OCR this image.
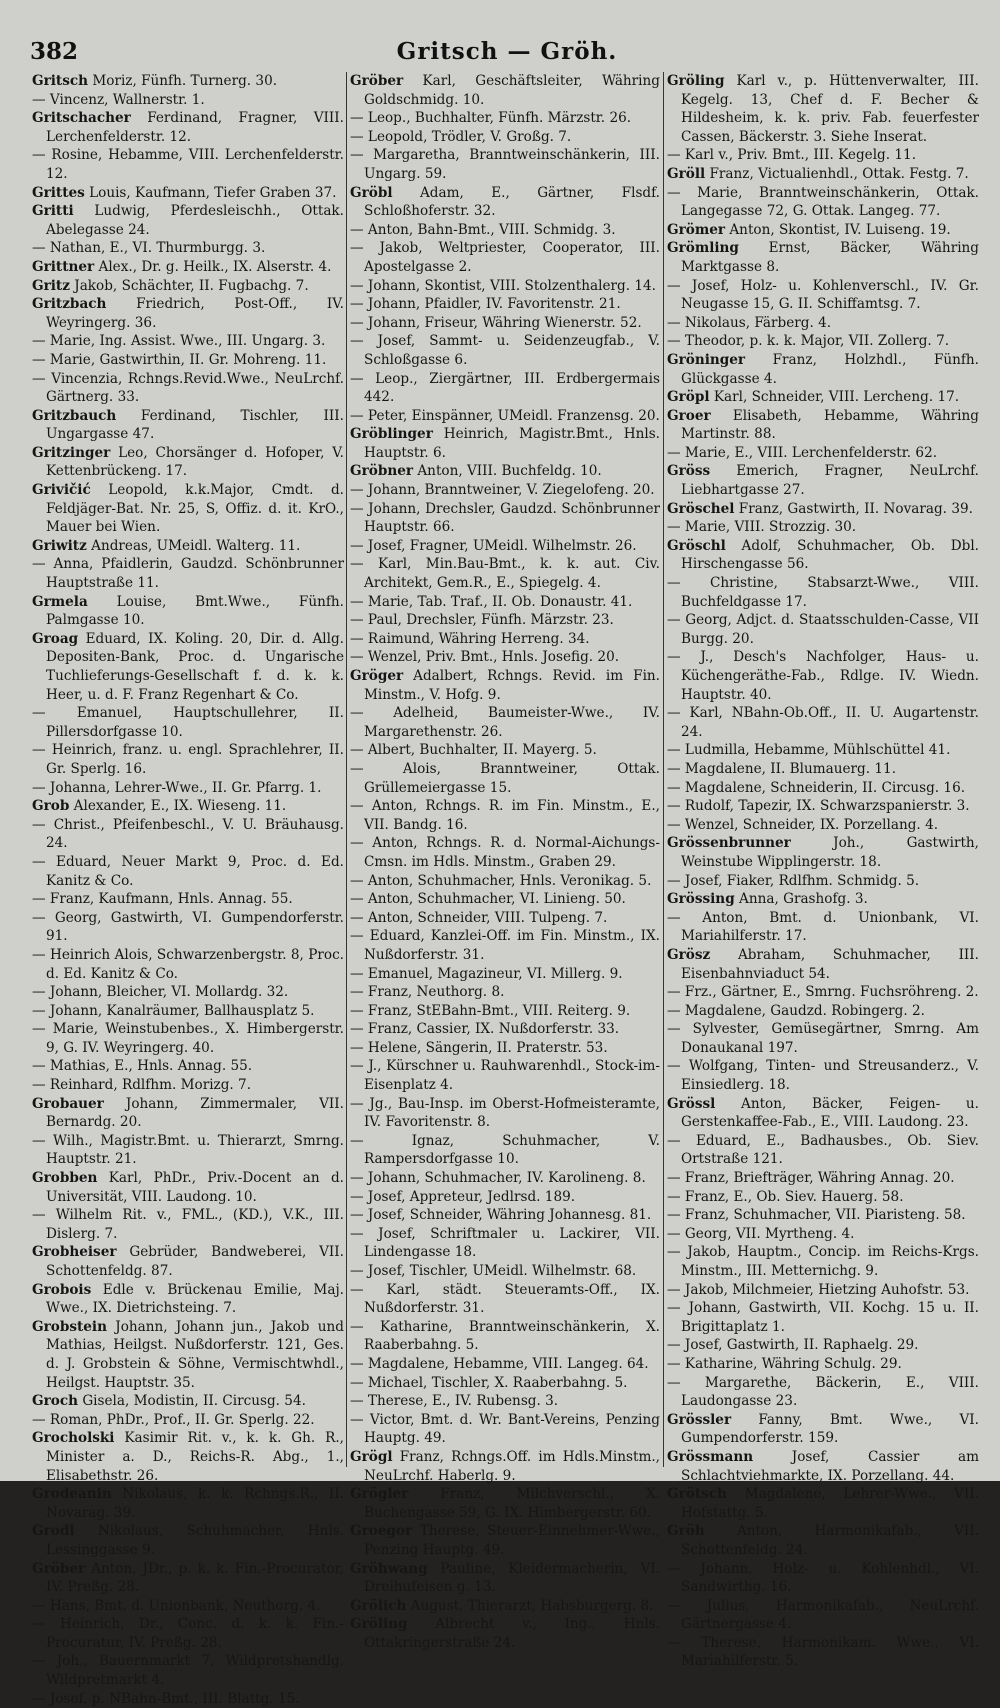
382	Gritsch — Gröh.
Gritsch Moriz, Fünfh. Turnerg. 30.
— Vincenz, Wallnerstr. 1.
Gritschacher Ferdinand, Fragner, VIII. Lerchenfelderstr. 12.
— Rosine, Hebamme, VIII. Lerchenfelderstr. 12.
Grittes Louis, Kaufmann, Tiefer Graben 37.
Gritti Ludwig, Pferdesleischh., Ottak. Abelegasse 24.
— Nathan, E., VI. Thurmburgg. 3.
Grittner Alex., Dr. g. Heilk., IX. Alserstr. 4.
Gritz Jakob, Schächter, II. Fugbachg. 7.
Gritzbach Friedrich, Post-Off., IV. Weyringerg. 36.
— Marie, Ing. Assist. Wwe., III. Ungarg. 3.
— Marie, Gastwirthin, II. Gr. Mohreng. 11.
— Vincenzia, Rchngs.Revid.Wwe., NeuLrchf. Gärtnerg. 33.
Gritzbauch Ferdinand, Tischler, III. Ungargasse 47.
Gritzinger Leo, Chorsänger d. Hofoper, V. Kettenbrückeng. 17.
Grivičić Leopold, k.k.Major, Cmdt. d. Feldjäger-Bat. Nr. 25, S, Offiz. d. it. KrO., Mauer bei Wien.
Griwitz Andreas, UMeidl. Walterg. 11.
— Anna, Pfaidlerin, Gaudzd. Schönbrunner Hauptstraße 11.
Grmela Louise, Bmt.Wwe., Fünfh. Palmgasse 10.
Groag Eduard, IX. Koling. 20, Dir. d. Allg. Depositen-Bank, Proc. d. Ungarische Tuchlieferungs-Gesellschaft f. d. k. k. Heer, u. d. F. Franz Regenhart & Co.
— Emanuel, Hauptschullehrer, II. Pillersdorfgasse 10.
— Heinrich, franz. u. engl. Sprachlehrer, II. Gr. Sperlg. 16.
— Johanna, Lehrer-Wwe., II. Gr. Pfarrg. 1.
Grob Alexander, E., IX. Wieseng. 11.
— Christ., Pfeifenbeschl., V. U. Bräuhausg. 24.
— Eduard, Neuer Markt 9, Proc. d. Ed. Kanitz & Co.
— Franz, Kaufmann, Hnls. Annag. 55.
— Georg, Gastwirth, VI. Gumpendorferstr. 91.
— Heinrich Alois, Schwarzenbergstr. 8, Proc. d. Ed. Kanitz & Co.
— Johann, Bleicher, VI. Mollardg. 32.
— Johann, Kanalräumer, Ballhausplatz 5.
— Marie, Weinstubenbes., X. Himbergerstr. 9, G. IV. Weyringerg. 40.
— Mathias, E., Hnls. Annag. 55.
— Reinhard, Rdlfhm. Morizg. 7.
Grobauer Johann, Zimmermaler, VII. Bernardg. 20.
— Wilh., Magistr.Bmt. u. Thierarzt, Smrng. Hauptstr. 21.
Grobben Karl, PhDr., Priv.-Docent an d. Universität, VIII. Laudong. 10.
— Wilhelm Rit. v., FML., (KD.), V.K., III. Dislerg. 7.
Grobheiser Gebrüder, Bandweberei, VII. Schottenfeldg. 87.
Grobois Edle v. Brückenau Emilie, Maj. Wwe., IX. Dietrichsteing. 7.
Grobstein Johann, Johann jun., Jakob und Mathias, Heilgst. Nußdorferstr. 121, Ges. d. J. Grobstein & Söhne, Vermischtwhdl., Heilgst. Hauptstr. 35.
Groch Gisela, Modistin, II. Circusg. 54.
— Roman, PhDr., Prof., II. Gr. Sperlg. 22.
Grocholski Kasimir Rit. v., k. k. Gh. R., Minister a. D., Reichs-R. Abg., 1., Elisabethstr. 26.
Grodeanin Nikolaus, k. k. Rchngs.R., II. Novarag. 39.
Grodl Nikolaus, Schuhmacher, Hnls. Lessinggasse 9.
Gröber Anton, JDr., p. k. k. Fin.-Procurator, IV. Preßg. 28.
— Hans, Bmt. d. Unionbank, Neuthorg. 4.
— Heinrich, Dr., Conc. d. k. k. Fin.-Procuratur, IV. Preßg. 28.
— Joh., Bauernmarkt 7, Wildpretshandlg. Wildpretmarkt 4.
— Josef, p. NBahn-Bmt., III. Blattg. 15.
Gröber Karl, Geschäftsleiter, Währing Goldschmidg. 10.
— Leop., Buchhalter, Fünfh. Märzstr. 26.
— Leopold, Trödler, V. Großg. 7.
— Margaretha, Branntweinschänkerin, III. Ungarg. 59.
Gröbl Adam, E., Gärtner, Flsdf. Schloßhoferstr. 32.
— Anton, Bahn-Bmt., VIII. Schmidg. 3.
— Jakob, Weltpriester, Cooperator, III. Apostelgasse 2.
— Johann, Skontist, VIII. Stolzenthalerg. 14.
— Johann, Pfaidler, IV. Favoritenstr. 21.
— Johann, Friseur, Währing Wienerstr. 52.
— Josef, Sammt- u. Seidenzeugfab., V. Schloßgasse 6.
— Leop., Ziergärtner, III. Erdbergermais 442.
— Peter, Einspänner, UMeidl. Franzensg. 20.
Gröblinger Heinrich, Magistr.Bmt., Hnls. Hauptstr. 6.
Gröbner Anton, VIII. Buchfeldg. 10.
— Johann, Branntweiner, V. Ziegelofeng. 20.
— Johann, Drechsler, Gaudzd. Schönbrunner Hauptstr. 66.
— Josef, Fragner, UMeidl. Wilhelmstr. 26.
— Karl, Min.Bau-Bmt., k. k. aut. Civ. Architekt, Gem.R., E., Spiegelg. 4.
— Marie, Tab. Traf., II. Ob. Donaustr. 41.
— Paul, Drechsler, Fünfh. Märzstr. 23.
— Raimund, Währing Herreng. 34.
— Wenzel, Priv. Bmt., Hnls. Josefig. 20.
Gröger Adalbert, Rchngs. Revid. im Fin. Minstm., V. Hofg. 9.
— Adelheid, Baumeister-Wwe., IV. Margarethenstr. 26.
— Albert, Buchhalter, II. Mayerg. 5.
— Alois, Branntweiner, Ottak. Grüllemeiergasse 15.
— Anton, Rchngs. R. im Fin. Minstm., E., VII. Bandg. 16.
— Anton, Rchngs. R. d. Normal-Aichungs-Cmsn. im Hdls. Minstm., Graben 29.
— Anton, Schuhmacher, Hnls. Veronikag. 5.
— Anton, Schuhmacher, VI. Linieng. 50.
— Anton, Schneider, VIII. Tulpeng. 7.
— Eduard, Kanzlei-Off. im Fin. Minstm., IX. Nußdorferstr. 31.
— Emanuel, Magazineur, VI. Millerg. 9.
— Franz, Neuthorg. 8.
— Franz, StEBahn-Bmt., VIII. Reiterg. 9.
— Franz, Cassier, IX. Nußdorferstr. 33.
— Helene, Sängerin, II. Praterstr. 53.
— J., Kürschner u. Rauhwarenhdl., Stock-im-Eisenplatz 4.
— Jg., Bau-Insp. im Oberst-Hofmeisteramte, IV. Favoritenstr. 8.
— Ignaz, Schuhmacher, V. Rampersdorfgasse 10.
— Johann, Schuhmacher, IV. Karolineng. 8.
— Josef, Appreteur, Jedlrsd. 189.
— Josef, Schneider, Währing Johannesg. 81.
— Josef, Schriftmaler u. Lackirer, VII. Lindengasse 18.
— Josef, Tischler, UMeidl. Wilhelmstr. 68.
— Karl, städt. Steueramts-Off., IX. Nußdorferstr. 31.
— Katharine, Branntweinschänkerin, X. Raaberbahng. 5.
— Magdalene, Hebamme, VIII. Langeg. 64.
— Michael, Tischler, X. Raaberbahng. 5.
— Therese, E., IV. Rubensg. 3.
— Victor, Bmt. d. Wr. Bant-Vereins, Penzing Hauptg. 49.
Grögl Franz, Rchngs.Off. im Hdls.Minstm., NeuLrchf. Haberlg. 9.
Grögler Franz, Milchverschl., X. Buchengasse 59, G. IX. Himbergerstr. 60.
Groegor Therese, Steuer-Einnehmer-Wwe., Penzing Hauptg. 49.
Gröhwang Pauline, Kleidermacherin, VI. Dreihufeisen g. 13.
Grölich August, Thierarzt, Habsburgerg. 8.
Gröling Albrecht v., Ing., Hnls. Ottakringerstraße 24.
Gröling Karl v., p. Hüttenverwalter, III. Kegelg. 13, Chef d. F. Becher & Hildesheim, k. k. priv. Fab. feuerfester Cassen, Bäckerstr. 3. Siehe Inserat.
— Karl v., Priv. Bmt., III. Kegelg. 11.
Gröll Franz, Victualienhdl., Ottak. Festg. 7.
— Marie, Branntweinschänkerin, Ottak. Langegasse 72, G. Ottak. Langeg. 77.
Grömer Anton, Skontist, IV. Luiseng. 19.
Grömling Ernst, Bäcker, Währing Marktgasse 8.
— Josef, Holz- u. Kohlenverschl., IV. Gr. Neugasse 15, G. II. Schiffamtsg. 7.
— Nikolaus, Färberg. 4.
— Theodor, p. k. k. Major, VII. Zollerg. 7.
Gröninger Franz, Holzhdl., Fünfh. Glückgasse 4.
Gröpl Karl, Schneider, VIII. Lercheng. 17.
Groer Elisabeth, Hebamme, Währing Martinstr. 88.
— Marie, E., VIII. Lerchenfelderstr. 62.
Gröss Emerich, Fragner, NeuLrchf. Liebhartgasse 27.
Gröschel Franz, Gastwirth, II. Novarag. 39.
— Marie, VIII. Strozzig. 30.
Gröschl Adolf, Schuhmacher, Ob. Dbl. Hirschengasse 56.
— Christine, Stabsarzt-Wwe., VIII. Buchfeldgasse 17.
— Georg, Adjct. d. Staatsschulden-Casse, VII Burgg. 20.
— J., Desch's Nachfolger, Haus- u. Küchengeräthe-Fab., Rdlge. IV. Wiedn. Hauptstr. 40.
— Karl, NBahn-Ob.Off., II. U. Augartenstr. 24.
— Ludmilla, Hebamme, Mühlschüttel 41.
— Magdalene, II. Blumauerg. 11.
— Magdalene, Schneiderin, II. Circusg. 16.
— Rudolf, Tapezir, IX. Schwarzspanierstr. 3.
— Wenzel, Schneider, IX. Porzellang. 4.
Grössenbrunner Joh., Gastwirth, Weinstube Wipplingerstr. 18.
— Josef, Fiaker, Rdlfhm. Schmidg. 5.
Grössing Anna, Grashofg. 3.
— Anton, Bmt. d. Unionbank, VI. Mariahilferstr. 17.
Grösz Abraham, Schuhmacher, III. Eisenbahnviaduct 54.
— Frz., Gärtner, E., Smrng. Fuchsröhreng. 2.
— Magdalene, Gaudzd. Robingerg. 2.
— Sylvester, Gemüsegärtner, Smrng. Am Donaukanal 197.
— Wolfgang, Tinten- und Streusanderz., V. Einsiedlerg. 18.
Grössl Anton, Bäcker, Feigen- u. Gerstenkaffee-Fab., E., VIII. Laudong. 23.
— Eduard, E., Badhausbes., Ob. Siev. Ortstraße 121.
— Franz, Briefträger, Währing Annag. 20.
— Franz, E., Ob. Siev. Hauerg. 58.
— Franz, Schuhmacher, VII. Piaristeng. 58.
— Georg, VII. Myrtheng. 4.
— Jakob, Hauptm., Concip. im Reichs-Krgs. Minstm., III. Metternichg. 9.
— Jakob, Milchmeier, Hietzing Auhofstr. 53.
— Johann, Gastwirth, VII. Kochg. 15 u. II. Brigittaplatz 1.
— Josef, Gastwirth, II. Raphaelg. 29.
— Katharine, Währing Schulg. 29.
— Margarethe, Bäckerin, E., VIII. Laudongasse 23.
Grössler Fanny, Bmt. Wwe., VI. Gumpendorferstr. 159.
Grössmann Josef, Cassier am Schlachtviehmarkte, IX. Porzellang. 44.
Grötsch Magdalene, Lehrer-Wwe., VII. Hofstattg. 5.
Gröh Anton, Harmonikafab., VII. Schottenfeldg. 24.
— Johann, Holz- u. Kohlenhdl., VI. Sandwirthg. 16.
— Julius, Harmonikafab., NeuLrchf. Gärtnergasse 4.
— Therese, Harmonikam. Wwe., VI. Mariahilferstr. 5.
